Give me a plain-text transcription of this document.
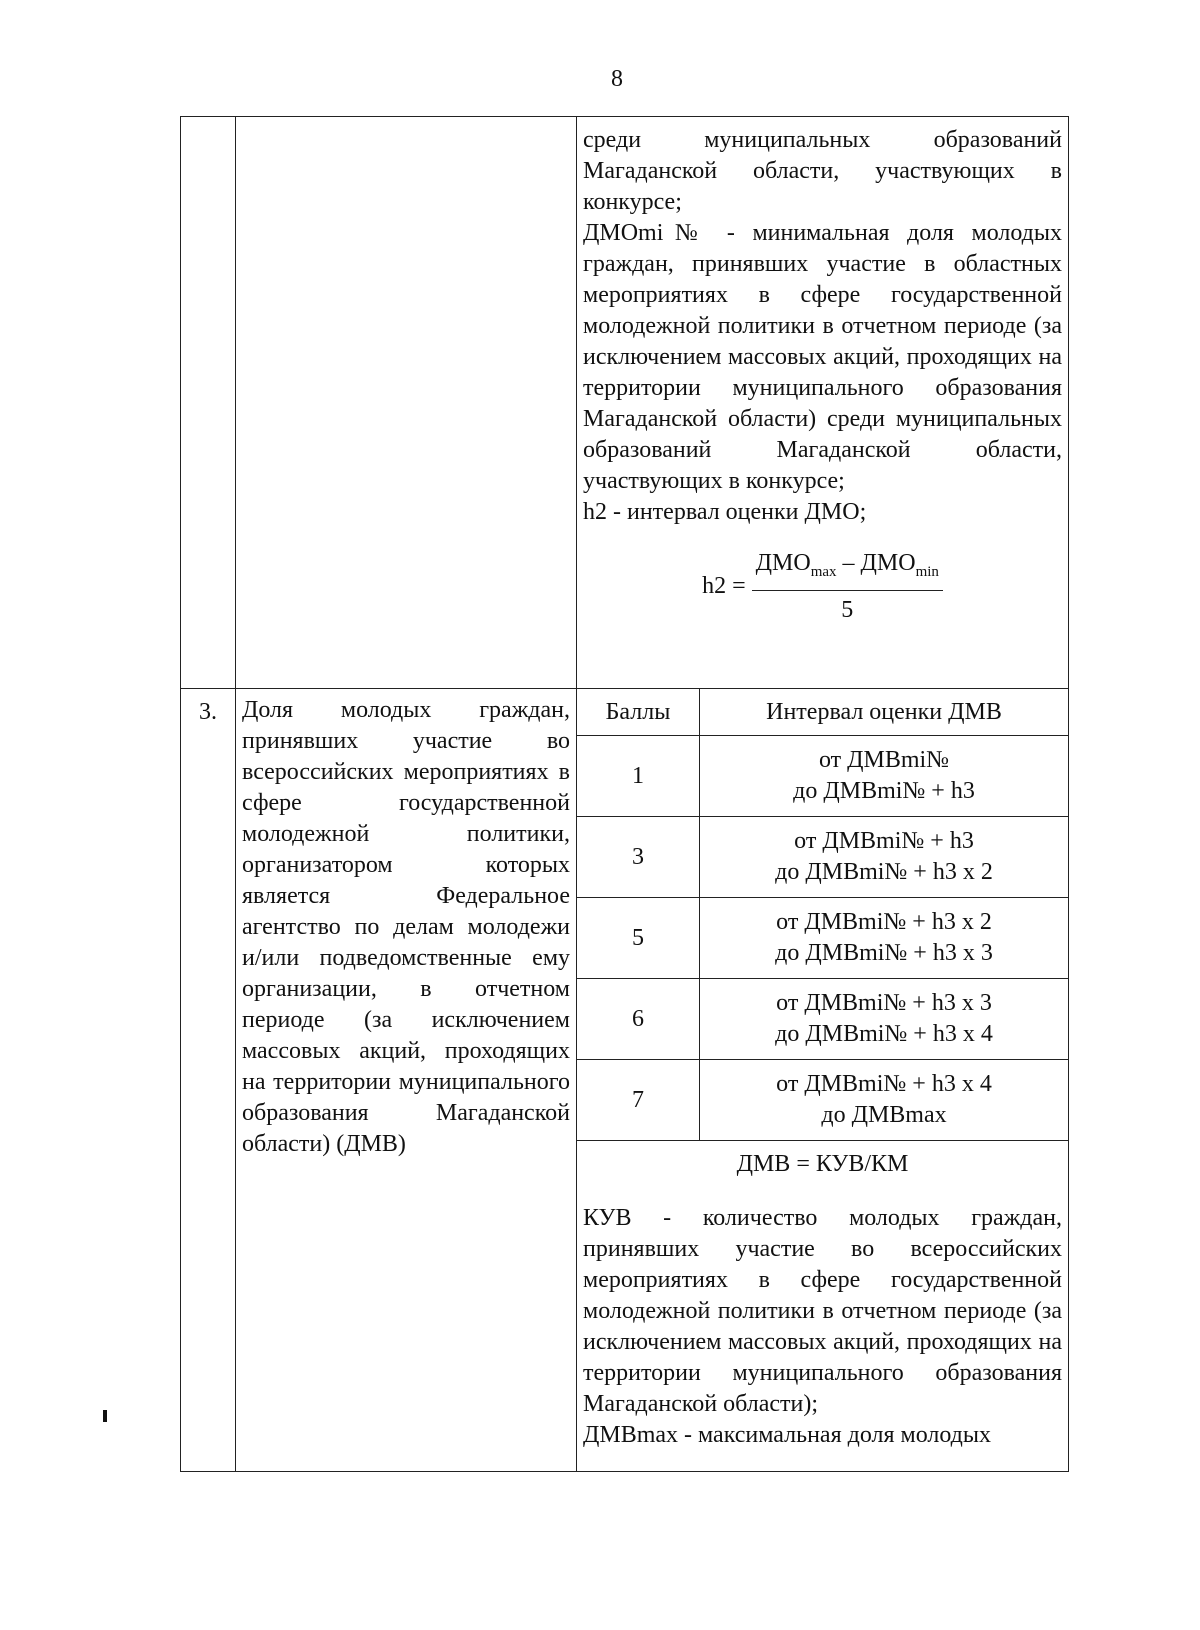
8
среди муниципальных образований Магаданской области, участвующих в конкурсе;
ДМОmi№ - минимальная доля молодых граждан, принявших участие в областных мероприятиях в сфере государственной молодежной политики в отчетном периоде (за исключением массовых акций, проходящих на территории муниципального образования Магаданской области) среди муниципальных образований Магаданской области, участвующих в конкурсе;
h2 - интервал оценки ДМО;
$h2 = \frac{ДМО_{max} - ДМО_{min}}{5}$
3.	Доля молодых граждан, принявших участие во всероссийских мероприятиях в сфере государственной молодежной политики, организатором которых является Федеральное агентство по делам молодежи и/или подведомственные ему организации, в отчетном периоде (за исключением массовых акций, проходящих на территории муниципального образования Магаданской области) (ДМВ)
Баллы	Интервал оценки ДМВ
1	от ДМВmi№
до ДМВmi№ + h3

3	от ДМВmi№ + h3
до ДМВmi№ + h3 х 2

5	от ДМВmi№ + h3 х 2
до ДМВmi№ + h3 х 3

6	от ДМВmi№ + h3 х 3
до ДМВmi№ + h3 х 4

7	от ДМВmi№ + h3 х 4
до ДМВmax
ДМВ = КУВ/КМ
КУВ - количество молодых граждан, принявших участие во всероссийских мероприятиях в сфере государственной молодежной политики в отчетном периоде (за исключением массовых акций, проходящих на территории муниципального образования Магаданской области);
ДМВmax - максимальная доля молодых
